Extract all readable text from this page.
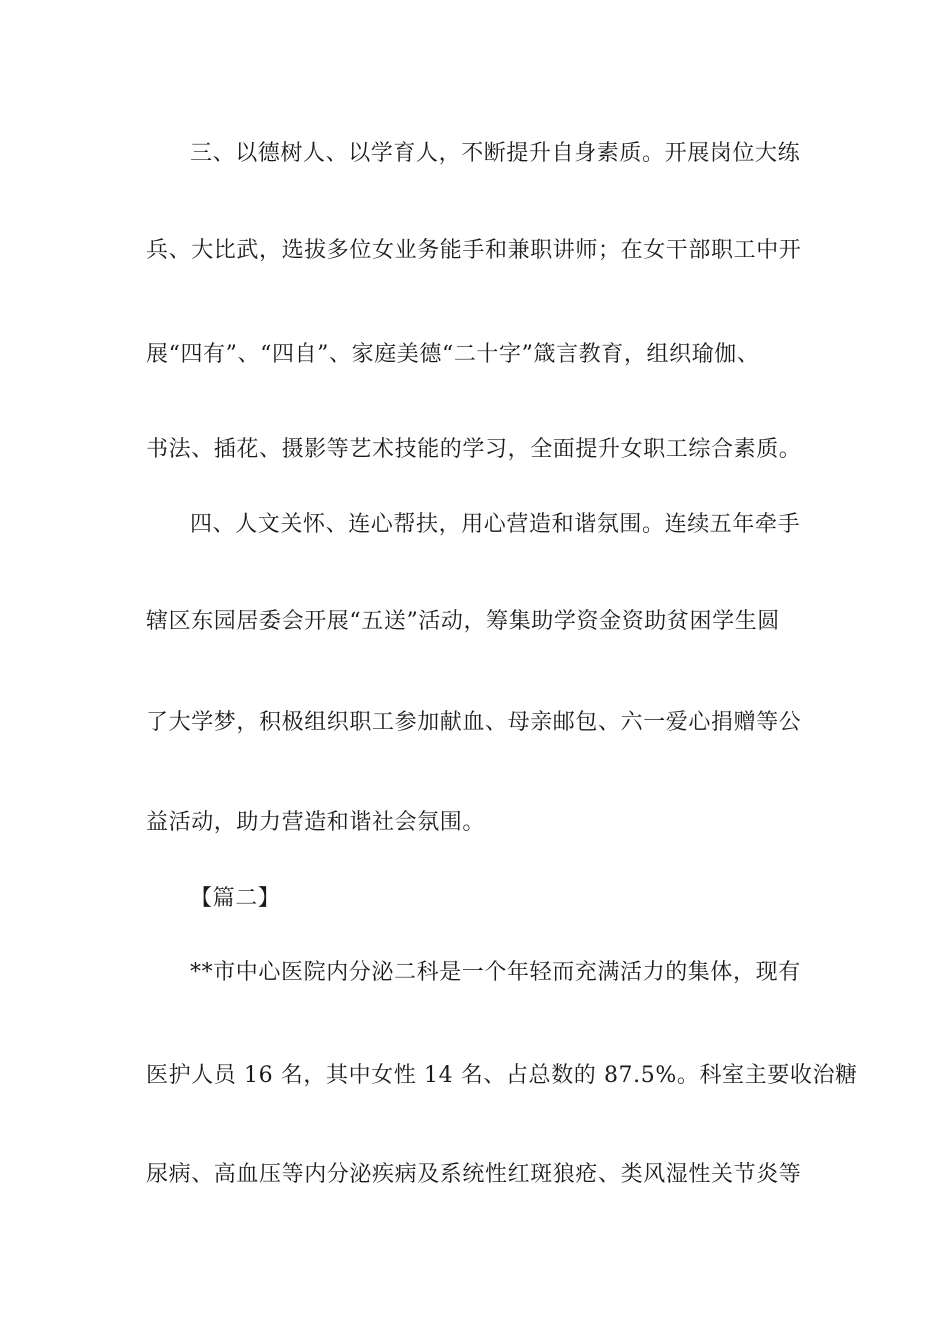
三、以德树人、以学育人，不断提升自身素质。开展岗位大练
兵、大比武，选拔多位女业务能手和兼职讲师；在女干部职工中开
展“四有”、“四自”、家庭美德“二十字”箴言教育，组织瑜伽、
书法、插花、摄影等艺术技能的学习，全面提升女职工综合素质。
四、人文关怀、连心帮扶，用心营造和谐氛围。连续五年牵手
辖区东园居委会开展“五送”活动，筹集助学资金资助贫困学生圆
了大学梦，积极组织职工参加献血、母亲邮包、六一爱心捐赠等公
益活动，助力营造和谐社会氛围。
【篇二】
**市中心医院内分泌二科是一个年轻而充满活力的集体，现有
医护人员 16 名，其中女性 14 名、占总数的 87.5%。科室主要收治糖
尿病、高血压等内分泌疾病及系统性红斑狼疮、类风湿性关节炎等
